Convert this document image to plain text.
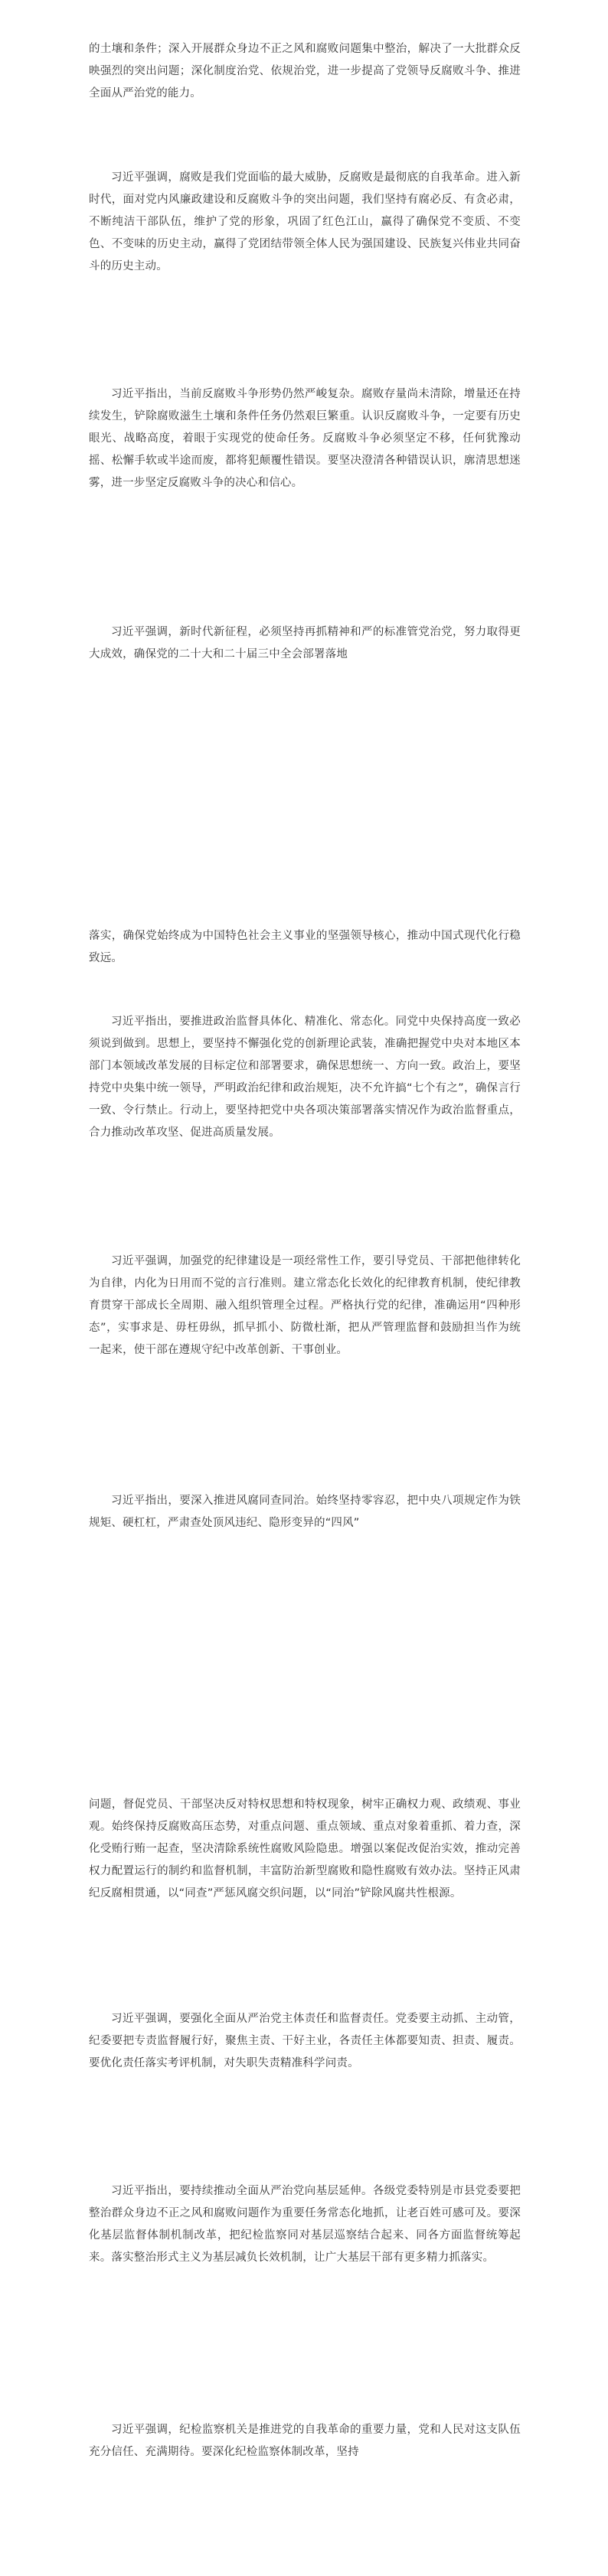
的土壤和条件；深入开展群众身边不正之风和腐败问题集中整治，解决了一大批群众反映强烈的突出问题；深化制度治党、依规治党，进一步提高了党领导反腐败斗争、推进全面从严治党的能力。

习近平强调，腐败是我们党面临的最大威胁，反腐败是最彻底的自我革命。进入新时代，面对党内风廉政建设和反腐败斗争的突出问题，我们坚持有腐必反、有贪必肃，不断纯洁干部队伍，维护了党的形象，巩固了红色江山，赢得了确保党不变质、不变色、不变味的历史主动，赢得了党团结带领全体人民为强国建设、民族复兴伟业共同奋斗的历史主动。

习近平指出，当前反腐败斗争形势仍然严峻复杂。腐败存量尚未清除，增量还在持续发生，铲除腐败滋生土壤和条件任务仍然艰巨繁重。认识反腐败斗争，一定要有历史眼光、战略高度，着眼于实现党的使命任务。反腐败斗争必须坚定不移，任何犹豫动摇、松懈手软或半途而废，都将犯颠覆性错误。要坚决澄清各种错误认识，廓清思想迷雾，进一步坚定反腐败斗争的决心和信心。

习近平强调，新时代新征程，必须坚持再抓精神和严的标准管党治党，努力取得更大成效，确保党的二十大和二十届三中全会部署落地

落实，确保党始终成为中国特色社会主义事业的坚强领导核心，推动中国式现代化行稳致远。

习近平指出，要推进政治监督具体化、精准化、常态化。同党中央保持高度一致必须说到做到。思想上，要坚持不懈强化党的创新理论武装，准确把握党中央对本地区本部门本领域改革发展的目标定位和部署要求，确保思想统一、方向一致。政治上，要坚持党中央集中统一领导，严明政治纪律和政治规矩，决不允许搞“七个有之”，确保言行一致、令行禁止。行动上，要坚持把党中央各项决策部署落实情况作为政治监督重点，合力推动改革攻坚、促进高质量发展。

习近平强调，加强党的纪律建设是一项经常性工作，要引导党员、干部把他律转化为自律，内化为日用而不觉的言行准则。建立常态化长效化的纪律教育机制，使纪律教育贯穿干部成长全周期、融入组织管理全过程。严格执行党的纪律，准确运用“四种形态”，实事求是、毋枉毋纵，抓早抓小、防微杜渐，把从严管理监督和鼓励担当作为统一起来，使干部在遵规守纪中改革创新、干事创业。

习近平指出，要深入推进风腐同查同治。始终坚持零容忍，把中央八项规定作为铁规矩、硬杠杠，严肃查处顶风违纪、隐形变异的“四风”

问题，督促党员、干部坚决反对特权思想和特权现象，树牢正确权力观、政绩观、事业观。始终保持反腐败高压态势，对重点问题、重点领域、重点对象着重抓、着力查，深化受贿行贿一起查，坚决清除系统性腐败风险隐患。增强以案促改促治实效，推动完善权力配置运行的制约和监督机制，丰富防治新型腐败和隐性腐败有效办法。坚持正风肃纪反腐相贯通，以“同查”严惩风腐交织问题，以“同治”铲除风腐共性根源。

习近平强调，要强化全面从严治党主体责任和监督责任。党委要主动抓、主动管，纪委要把专责监督履行好，聚焦主责、干好主业，各责任主体都要知责、担责、履责。要优化责任落实考评机制，对失职失责精准科学问责。

习近平指出，要持续推动全面从严治党向基层延伸。各级党委特别是市县党委要把整治群众身边不正之风和腐败问题作为重要任务常态化地抓，让老百姓可感可及。要深化基层监督体制机制改革，把纪检监察同对基层巡察结合起来、同各方面监督统筹起来。落实整治形式主义为基层减负长效机制，让广大基层干部有更多精力抓落实。

习近平强调，纪检监察机关是推进党的自我革命的重要力量，党和人民对这支队伍充分信任、充满期待。要深化纪检监察体制改革，坚持
